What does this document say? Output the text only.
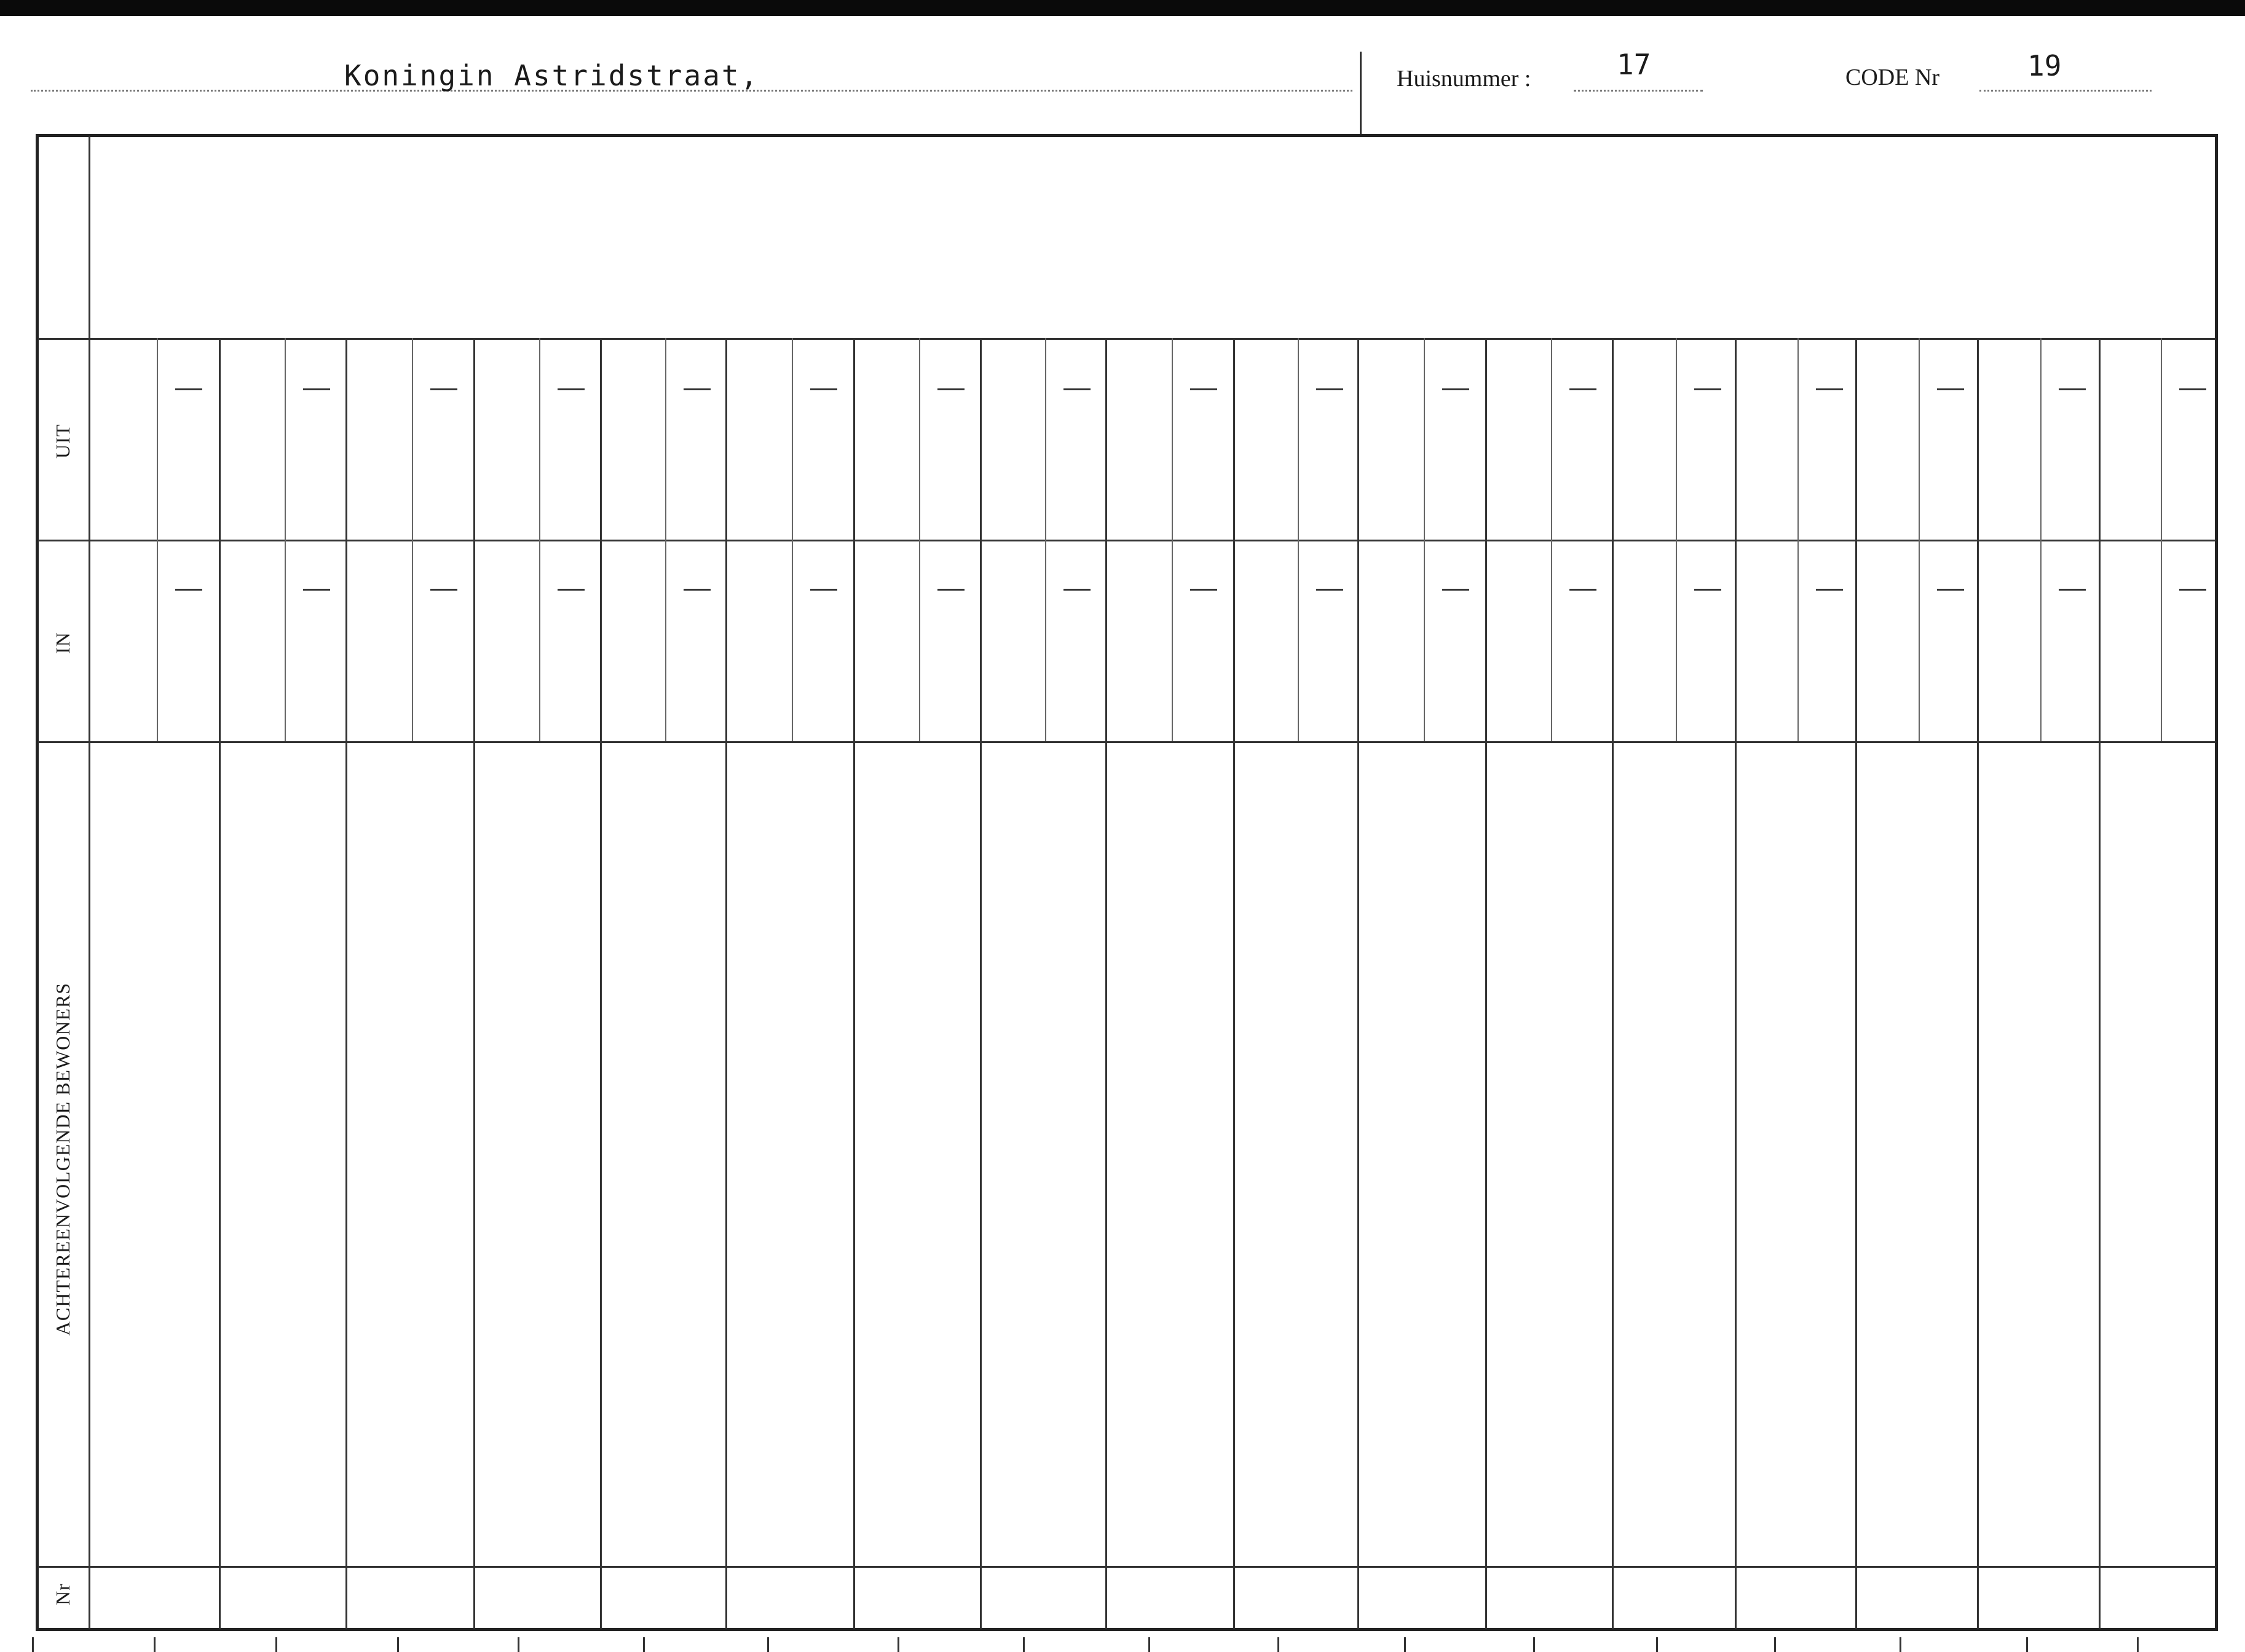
Koningin Astridstraat,	Huisnummer :	17	CODE Nr	19
UIT
IN
ACHTEREENVOLGENDE BEWONERS
Nr
